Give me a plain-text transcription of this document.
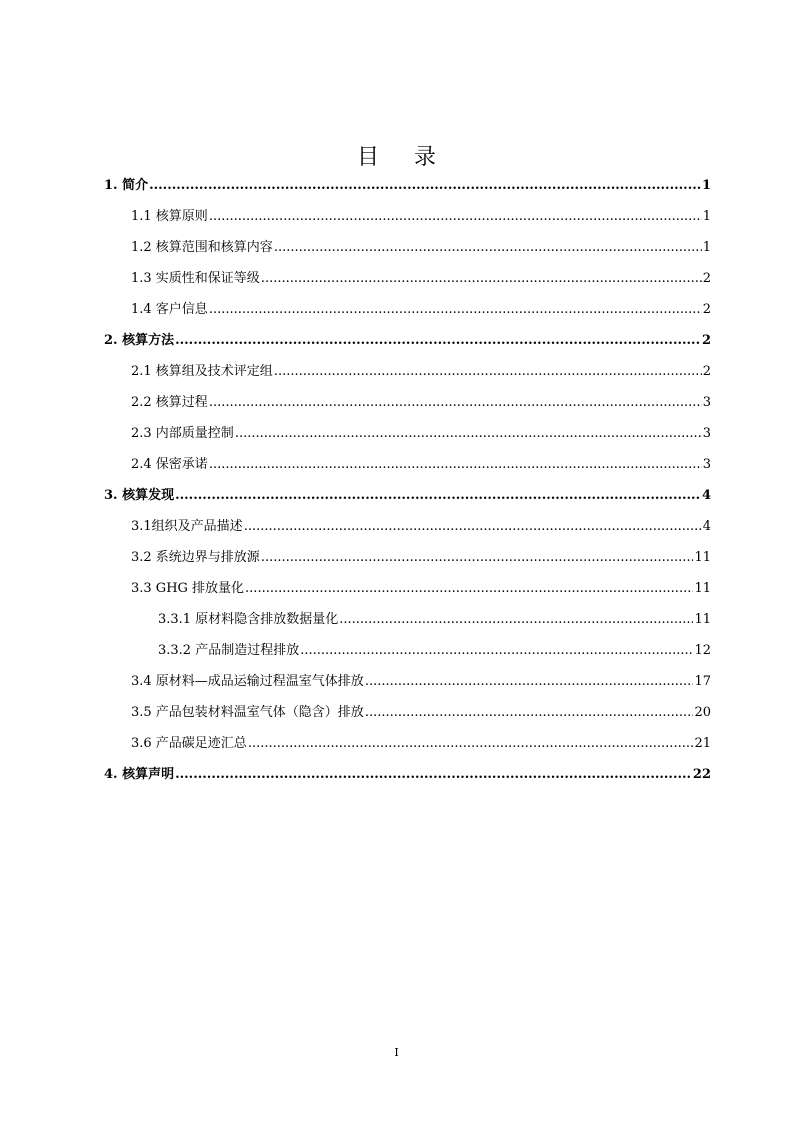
目 录
1. 简介 .....	1
1.1 核算原则 .....	1
1.2 核算范围和核算内容 .....	1
1.3 实质性和保证等级 .....	2
1.4 客户信息 .....	2
2. 核算方法 .....	2
2.1 核算组及技术评定组 .....	2
2.2 核算过程 .....	3
2.3 内部质量控制 .....	3
2.4 保密承诺 .....	3
3. 核算发现 .....	4
3.1组织及产品描述 .....	4
3.2 系统边界与排放源 .....	11
3.3 GHG 排放量化 .....	11
3.3.1 原材料隐含排放数据量化 .....	11
3.3.2 产品制造过程排放 .....	12
3.4 原材料—成品运输过程温室气体排放 .....	17
3.5 产品包装材料温室气体（隐含）排放 .....	20
3.6 产品碳足迹汇总 .....	21
4. 核算声明 .....	22
I
